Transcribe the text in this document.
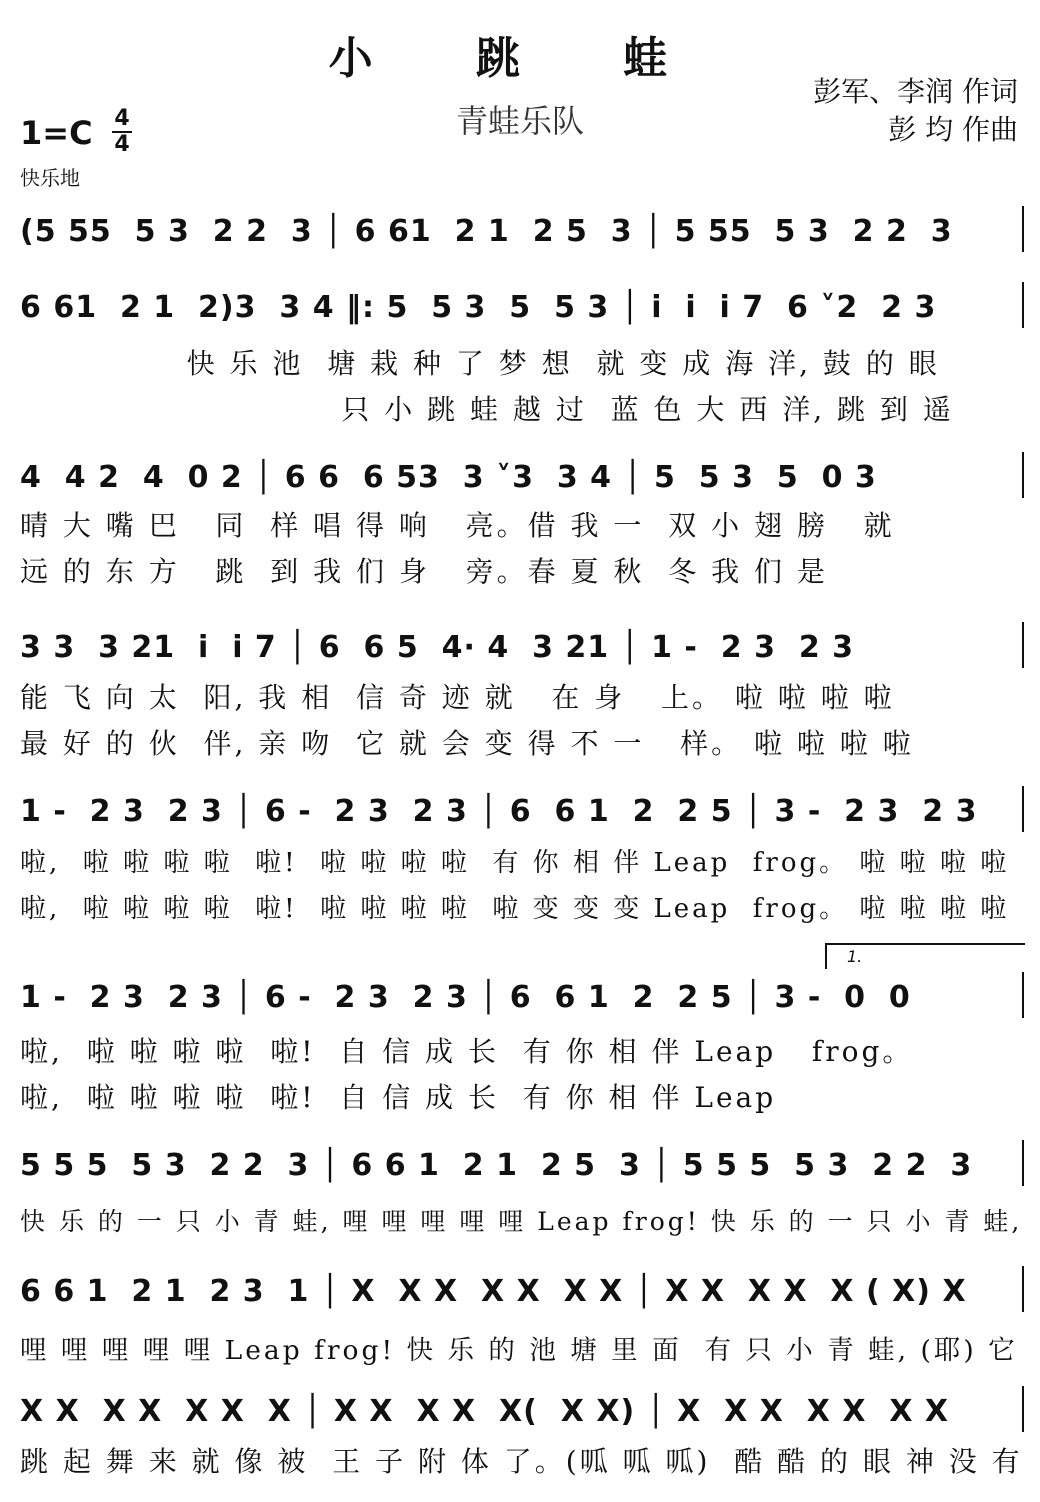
小 跳 蛙
青蛙乐队
彭军、李润 作词
彭 均 作曲
1=C 4
4
快乐地
(5 55  5 3  2 2  3 │ 6 61  2 1  2 5  3 │ 5 55  5 3  2 2  3
6 61  2 1  2)3  3 4 ‖: 5  5 3  5  5 3 │ i  i  i 7  6 ˅2  2 3
快 乐 池  塘 栽 种 了 梦 想  就 变 成 海 洋, 鼓 的 眼
只 小 跳 蛙 越 过  蓝 色 大 西 洋, 跳 到 遥
4  4 2  4  0 2 │ 6 6  6 53  3 ˅3  3 4 │ 5  5 3  5  0 3
晴 大 嘴 巴   同  样 唱 得 响   亮。借 我 一  双 小 翅 膀   就
远 的 东 方   跳  到 我 们 身   旁。春 夏 秋  冬 我 们 是
3 3  3 21  i  i 7 │ 6  6 5  4· 4  3 21 │ 1 -  2 3  2 3
能 飞 向 太  阳, 我 相  信 奇 迹 就   在 身   上。 啦 啦 啦 啦
最 好 的 伙  伴, 亲 吻  它 就 会 变 得 不 一   样。 啦 啦 啦 啦
1 -  2 3  2 3 │ 6 -  2 3  2 3 │ 6  6 1  2  2 5 │ 3 -  2 3  2 3
啦,  啦 啦 啦 啦  啦!  啦 啦 啦 啦  有 你 相 伴 Leap  frog。 啦 啦 啦 啦
啦,  啦 啦 啦 啦  啦!  啦 啦 啦 啦  啦 变 变 变 Leap  frog。 啦 啦 啦 啦
1.
1 -  2 3  2 3 │ 6 -  2 3  2 3 │ 6  6 1  2  2 5 │ 3 -  0  0
啦,  啦 啦 啦 啦  啦!  自 信 成 长  有 你 相 伴 Leap   frog。
啦,  啦 啦 啦 啦  啦!  自 信 成 长  有 你 相 伴 Leap
5 5 5  5 3  2 2  3 │ 6 6 1  2 1  2 5  3 │ 5 5 5  5 3  2 2  3
快 乐 的 一 只 小 青 蛙, 哩 哩 哩 哩 哩 Leap frog! 快 乐 的 一 只 小 青 蛙,
6 6 1  2 1  2 3  1 │ X  X X  X X  X X │ X X  X X  X ( X) X
哩 哩 哩 哩 哩 Leap frog! 快 乐 的 池 塘 里 面  有 只 小 青 蛙, (耶) 它
X X  X X  X X  X │ X X  X X  X(  X X) │ X  X X  X X  X X
跳 起 舞 来 就 像 被  王 子 附 体 了。(呱 呱 呱)  酷 酷 的 眼 神 没 有
